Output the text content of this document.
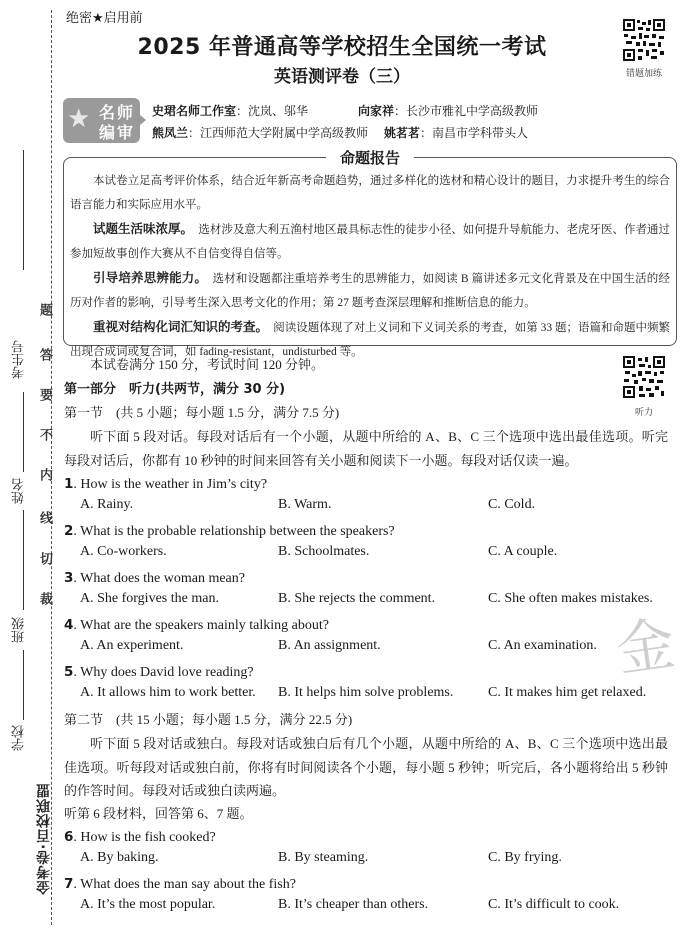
考生号
姓名
班级
学校
题
答
要
不
内
线
切
裁
金考卷·百校联盟
绝密★启用前
2025 年普通高等学校招生全国统一考试
英语测评卷（三）	错题加练
★ 名师
编审
史珺名师工作室：沈岚、邬华	向家祥：长沙市雅礼中学高级教师
熊凤兰：江西师范大学附属中学高级教师 姚茗茗：南昌市学科带头人
命题报告

本试卷立足高考评价体系，结合近年新高考命题趋势，通过多样化的选材和精心设计的题目，力求提升考生的综合语言能力和实际应用水平。

试题生活味浓厚。　 选材涉及意大利五渔村地区最具标志性的徒步小径、如何提升导航能力、老虎牙医、作者通过参加短故事创作大赛从不自信变得自信等。

引导培养思辨能力。　 选材和设题都注重培养考生的思辨能力，如阅读 B 篇讲述多元文化背景及在中国生活的经历对作者的影响，引导考生深入思考文化的作用；第 27 题考查深层理解和推断信息的能力。

重视对结构化词汇知识的考查。　 阅读设题体现了对上义词和下义词关系的考查，如第 33 题；语篇和命题中频繁出现合成词或复合词，如 fading-resistant，undisturbed 等。

听力
本试卷满分 150 分，考试时间 120 分钟。
第一部分　听力(共两节，满分 30 分)
第一节　(共 5 小题；每小题 1.5 分，满分 7.5 分)
听下面 5 段对话。每段对话后有一个小题，从题中所给的 A、B、C 三个选项中选出最佳选项。听完每段对话后，你都有 10 秒钟的时间来回答有关小题和阅读下一小题。每段对话仅读一遍。
1. How is the weather in Jim’s city?
A. Rainy.	B. Warm.	C. Cold.
2. What is the probable relationship between the speakers?
A. Co-workers.	B. Schoolmates.	C. A couple.
3. What does the woman mean?
A. She forgives the man.	B. She rejects the comment.	C. She often makes mistakes.
4. What are the speakers mainly talking about?
A. An experiment.	B. An assignment.	C. An examination.
5. Why does David love reading?
A. It allows him to work better. B. It helps him solve problems. C. It makes him get relaxed.
金
第二节　(共 15 小题；每小题 1.5 分，满分 22.5 分)
听下面 5 段对话或独白。每段对话或独白后有几个小题，从题中所给的 A、B、C 三个选项中选出最佳选项。听每段对话或独白前，你将有时间阅读各个小题，每小题 5 秒钟；听完后，各小题将给出 5 秒钟的作答时间。每段对话或独白读两遍。
听第 6 段材料，回答第 6、7 题。
6. How is the fish cooked?
A. By baking.	B. By steaming.	C. By frying.
7. What does the man say about the fish?
A. It’s the most popular.	B. It’s cheaper than others.	C. It’s difficult to cook.
